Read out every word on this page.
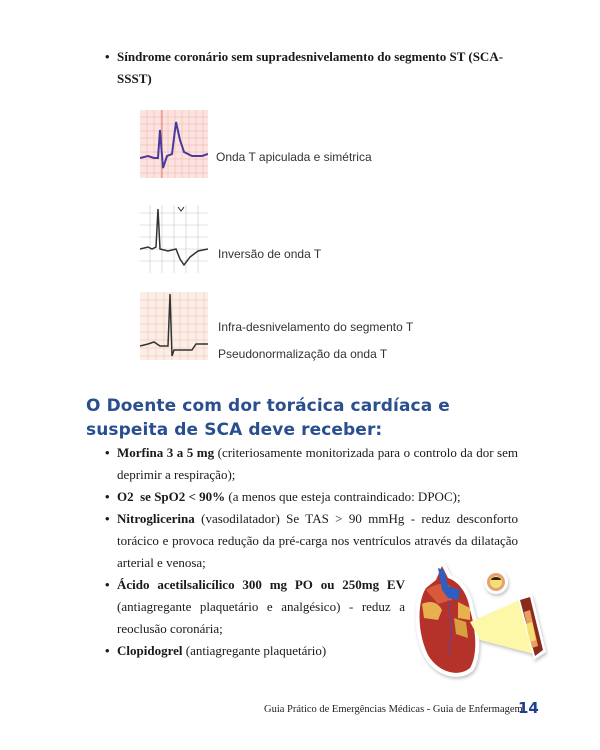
• Síndrome coronário sem supradesnivelamento do segmento ST (SCA-SSST)
Onda T apiculada e simétrica
Inversão de onda T
Infra-desnivelamento do segmento T
Pseudonormalização da onda T
O Doente com dor torácica cardíaca e suspeita de SCA deve receber:
• Morfina 3 a 5 mg (criteriosamente monitorizada para o controlo da dor sem deprimir a respiração);
• O2  se SpO2 < 90% (a menos que esteja contraindicado: DPOC);
• Nitroglicerina (vasodilatador) Se TAS > 90 mmHg - reduz desconforto torácico e provoca redução da pré-carga nos ventrículos através da dilatação arterial e venosa;
• Ácido acetilsalicílico 300 mg PO ou 250mg EV (antiagregante plaquetário e analgésico) - reduz a reoclusão coronária;
• Clopidogrel (antiagregante plaquetário)
Guia Prático de Emergências Médicas - Guia de Enfermagem
14
